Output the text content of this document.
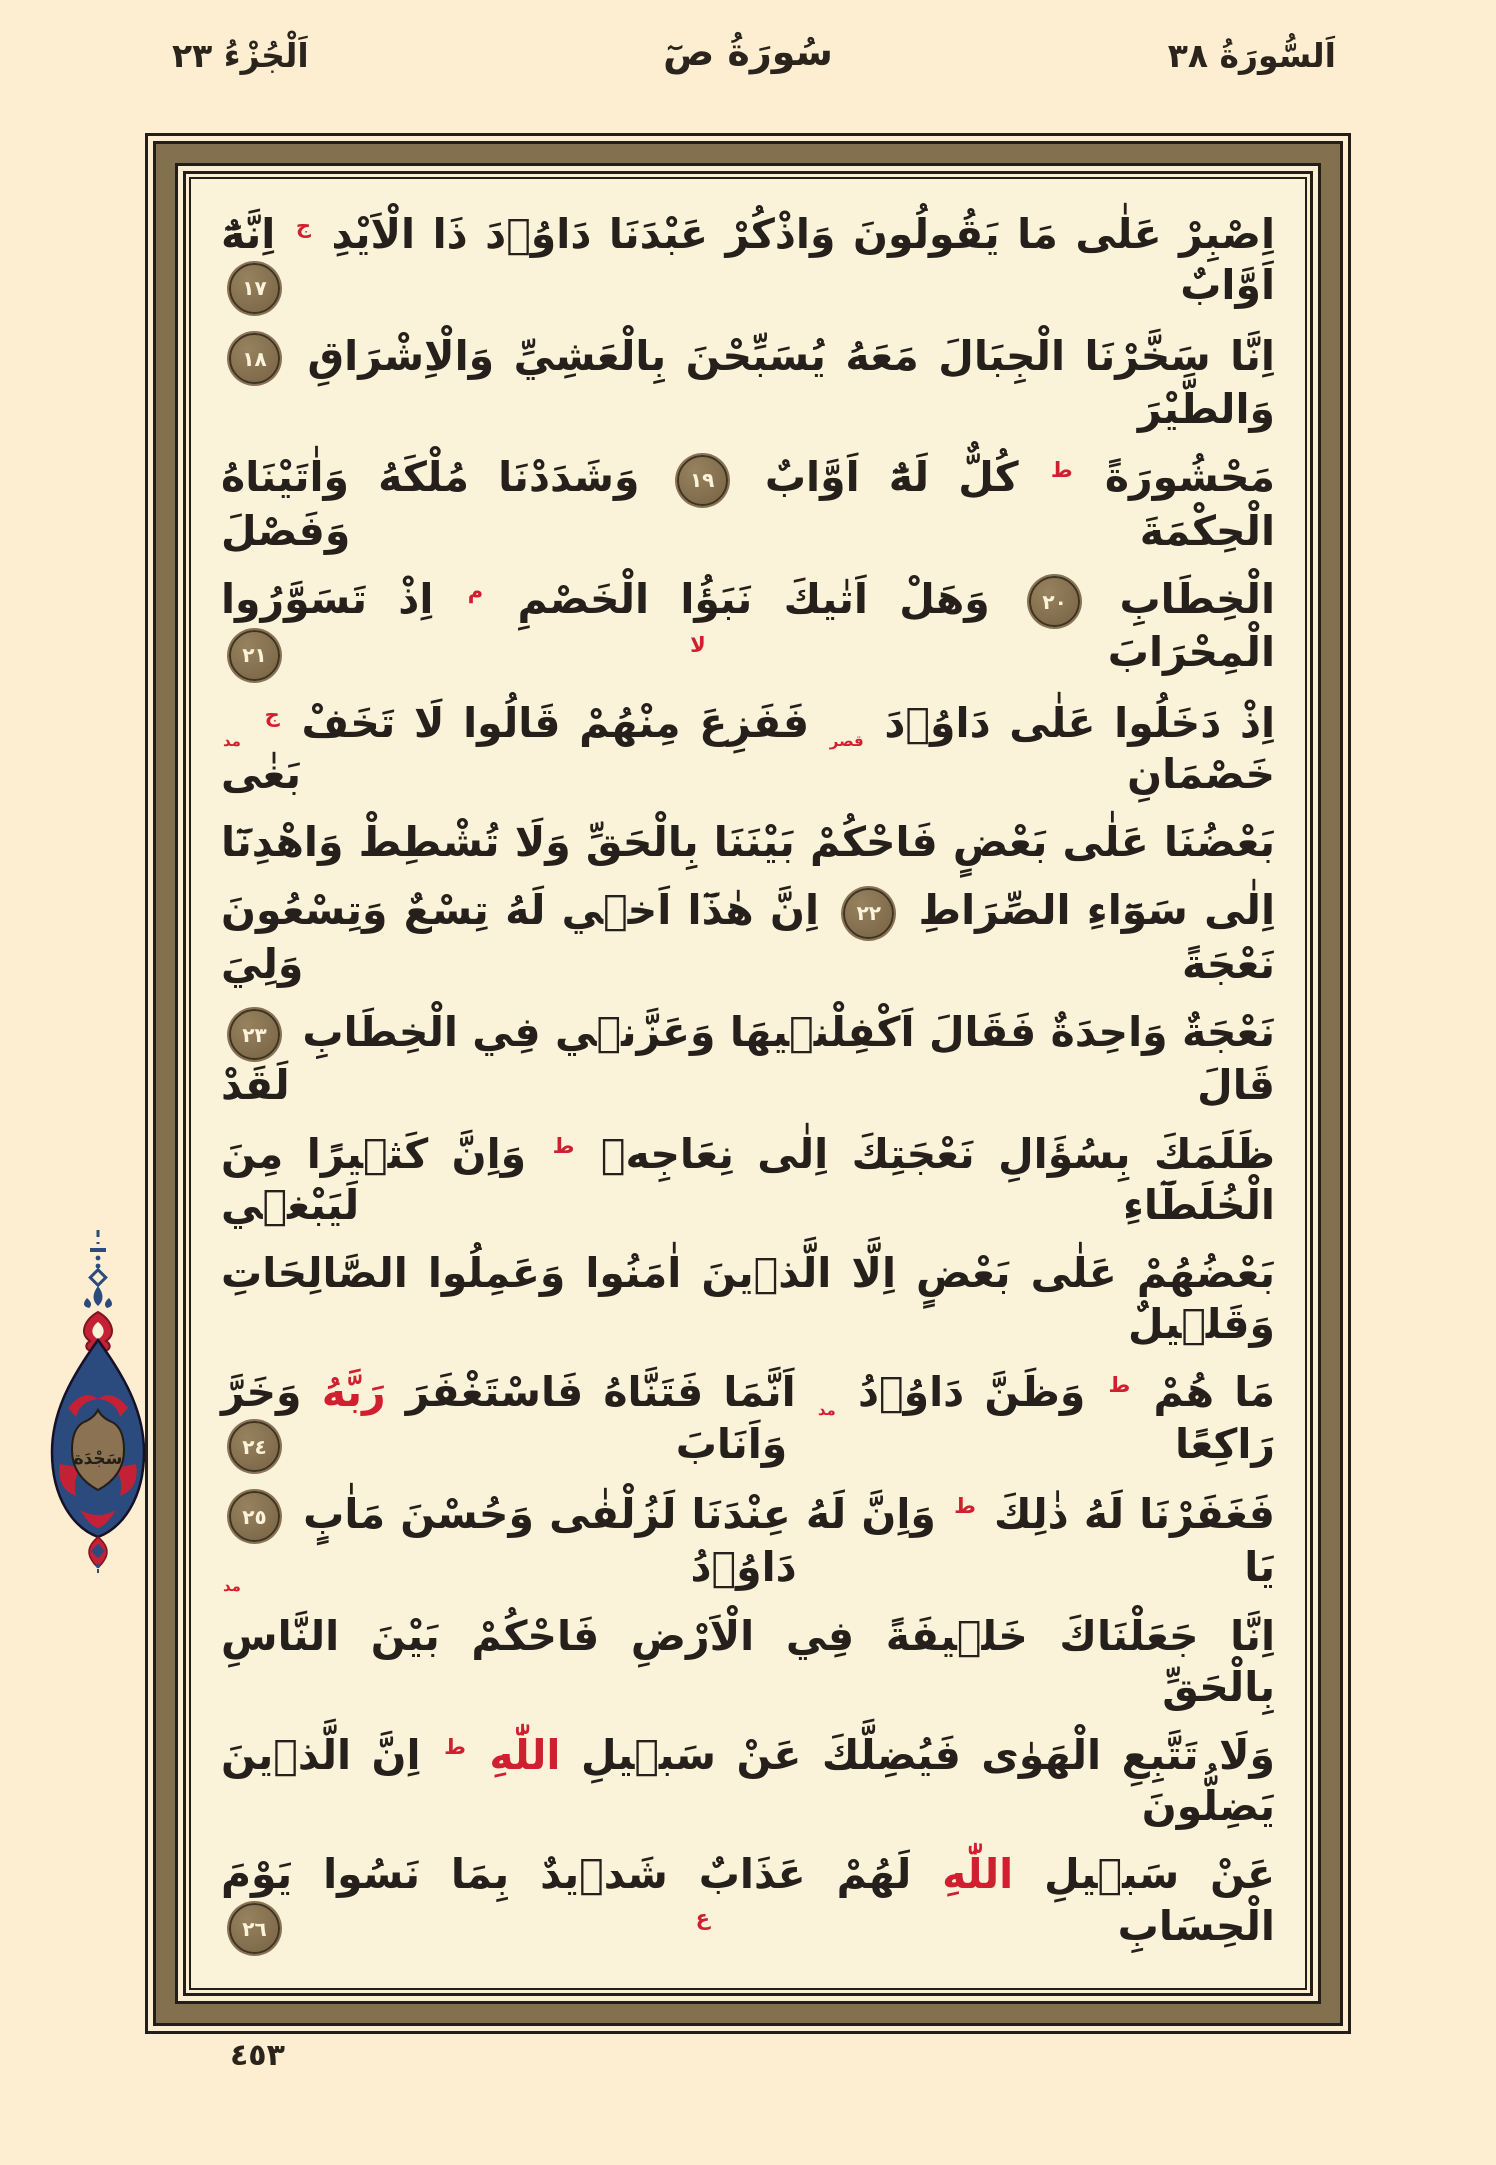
اَلْجُزْءُ ٢٣	سُورَةُ صٓ	اَلسُّورَةُ ٣٨
اِصْبِرْ عَلٰى مَا يَقُولُونَ وَاذْكُرْ عَبْدَنَا دَاوُ۫دَ ذَا الْاَيْدِ $^ج$ اِنَّهُٓ اَوَّابٌ ١٧
اِنَّا سَخَّرْنَا الْجِبَالَ مَعَهُ يُسَبِّحْنَ بِالْعَشِيِّ وَالْاِشْرَاقِ ١٨ وَالطَّيْرَ
مَحْشُورَةً $^ط$ كُلٌّ لَهُٓ اَوَّابٌ ١٩ وَشَدَدْنَا مُلْكَهُ وَاٰتَيْنَاهُ الْحِكْمَةَ وَفَصْلَ
الْخِطَابِ ٢٠ وَهَلْ اَتٰيكَ نَبَؤُا الْخَصْمِ $^م$ اِذْ تَسَوَّرُوا الْمِحْرَابَ $^{لا}$ ٢١
اِذْ دَخَلُوا عَلٰى دَاوُ۫دَ $_{قصر}$ فَفَزِعَ مِنْهُمْ قَالُوا لَا تَخَفْ $^ج$ $_{مد}$ خَصْمَانِ بَغٰى
بَعْضُنَا عَلٰى بَعْضٍ فَاحْكُمْ بَيْنَنَا بِالْحَقِّ وَلَا تُشْطِطْ وَاهْدِنَٓا
اِلٰى سَوَٓاءِ الصِّرَاطِ ٢٢ اِنَّ هٰذَٓا اَخٖي لَهُ تِسْعٌ وَتِسْعُونَ نَعْجَةً وَلِيَ
نَعْجَةٌ وَاحِدَةٌ فَقَالَ اَكْفِلْنٖيهَا وَعَزَّنٖي فِي الْخِطَابِ ٢٣ قَالَ لَقَدْ
ظَلَمَكَ بِسُؤَالِ نَعْجَتِكَ اِلٰى نِعَاجِهٖ $^ط$ وَاِنَّ كَثٖيرًا مِنَ الْخُلَطَٓاءِ لَيَبْغٖي
بَعْضُهُمْ عَلٰى بَعْضٍ اِلَّا الَّذٖينَ اٰمَنُوا وَعَمِلُوا الصَّالِحَاتِ وَقَلٖيلٌ
مَا هُمْ $^ط$ وَظَنَّ دَاوُ۫دُ $_{مد}$ اَنَّمَا فَتَنَّاهُ فَاسْتَغْفَرَ رَبَّهُ وَخَرَّ رَاكِعًا وَاَنَابَ ٢٤
فَغَفَرْنَا لَهُ ذٰلِكَ $^ط$ وَاِنَّ لَهُ عِنْدَنَا لَزُلْفٰى وَحُسْنَ مَاٰبٍ ٢٥ يَا دَاوُ۫دُ $_{مد}$
اِنَّا جَعَلْنَاكَ خَلٖيفَةً فِي الْاَرْضِ فَاحْكُمْ بَيْنَ النَّاسِ بِالْحَقِّ
وَلَا تَتَّبِعِ الْهَوٰى فَيُضِلَّكَ عَنْ سَبٖيلِ اللّٰهِ $^ط$ اِنَّ الَّذٖينَ يَضِلُّونَ
عَنْ سَبٖيلِ اللّٰهِ لَهُمْ عَذَابٌ شَدٖيدٌ بِمَا نَسُوا يَوْمَ الْحِسَابِ $^ع$ ٢٦
سَجْدَة
٤٥٣
